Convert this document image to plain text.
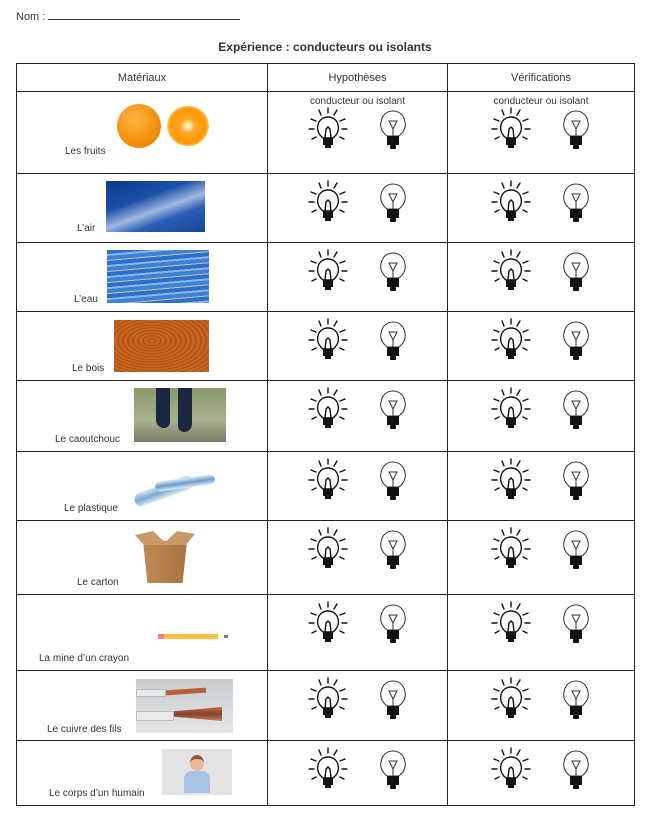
Nom :
Expérience : conducteurs ou isolants
Matériaux	Hypothèses	Vérifications

Les fruits	conducteur ou isolant	conducteur ou isolant

L’air

L’eau

Le bois

Le caoutchouc

Le plastique

Le carton

La mine d’un crayon

Le cuivre des fils

Le corps d’un humain
